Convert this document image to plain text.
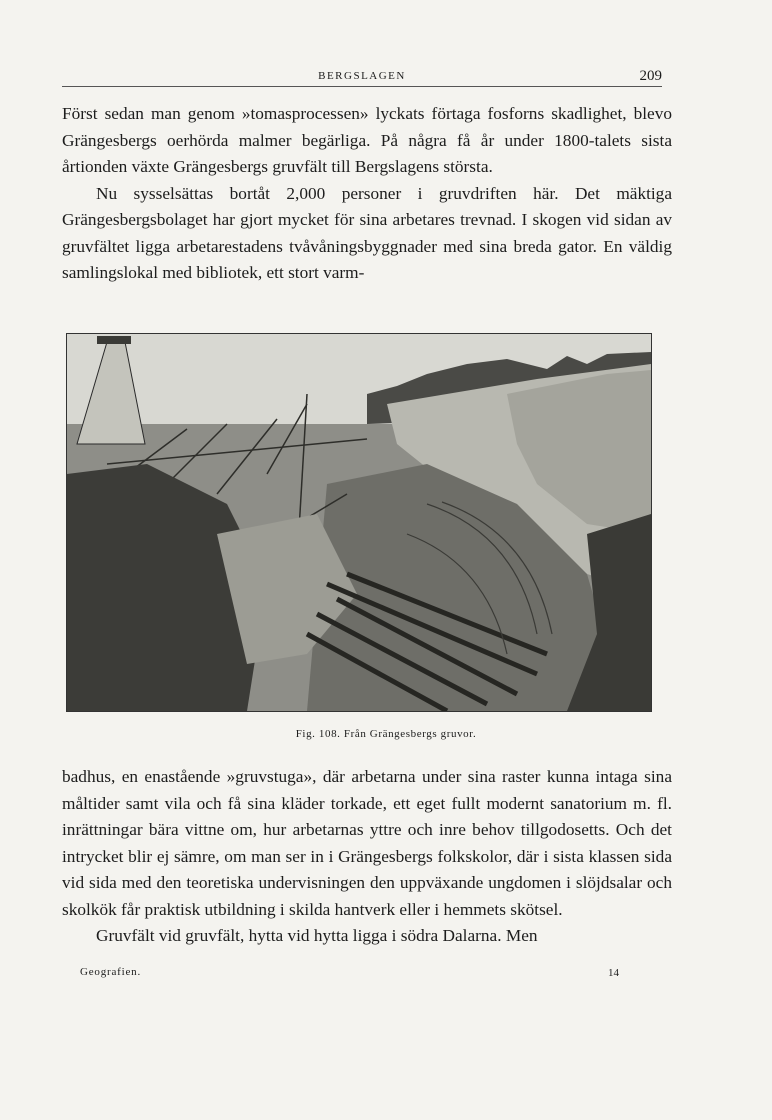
BERGSLAGEN	209

Först sedan man genom »tomasprocessen» lyckats förtaga fosforns skadlighet, blevo Grängesbergs oerhörda malmer begärliga. På några få år under 1800-talets sista årtionden växte Grängesbergs gruvfält till Bergslagens största.

Nu sysselsättas bortåt 2,000 personer i gruvdriften här. Det mäktiga Grängesbergsbolaget har gjort mycket för sina arbetares trevnad. I skogen vid sidan av gruvfältet ligga arbetarestadens tvåvåningsbyggnader med sina breda gator. En väldig samlingslokal med bibliotek, ett stort varm-

Fig. 108. Från Grängesbergs gruvor.

badhus, en enastående »gruvstuga», där arbetarna under sina raster kunna intaga sina måltider samt vila och få sina kläder torkade, ett eget fullt modernt sanatorium m. fl. inrättningar bära vittne om, hur arbetarnas yttre och inre behov tillgodosetts. Och det intrycket blir ej sämre, om man ser in i Grängesbergs folkskolor, där i sista klassen sida vid sida med den teoretiska undervisningen den uppväxande ungdomen i slöjdsalar och skolkök får praktisk utbildning i skilda hantverk eller i hemmets skötsel.

Gruvfält vid gruvfält, hytta vid hytta ligga i södra Dalarna. Men

Geografien.	14
